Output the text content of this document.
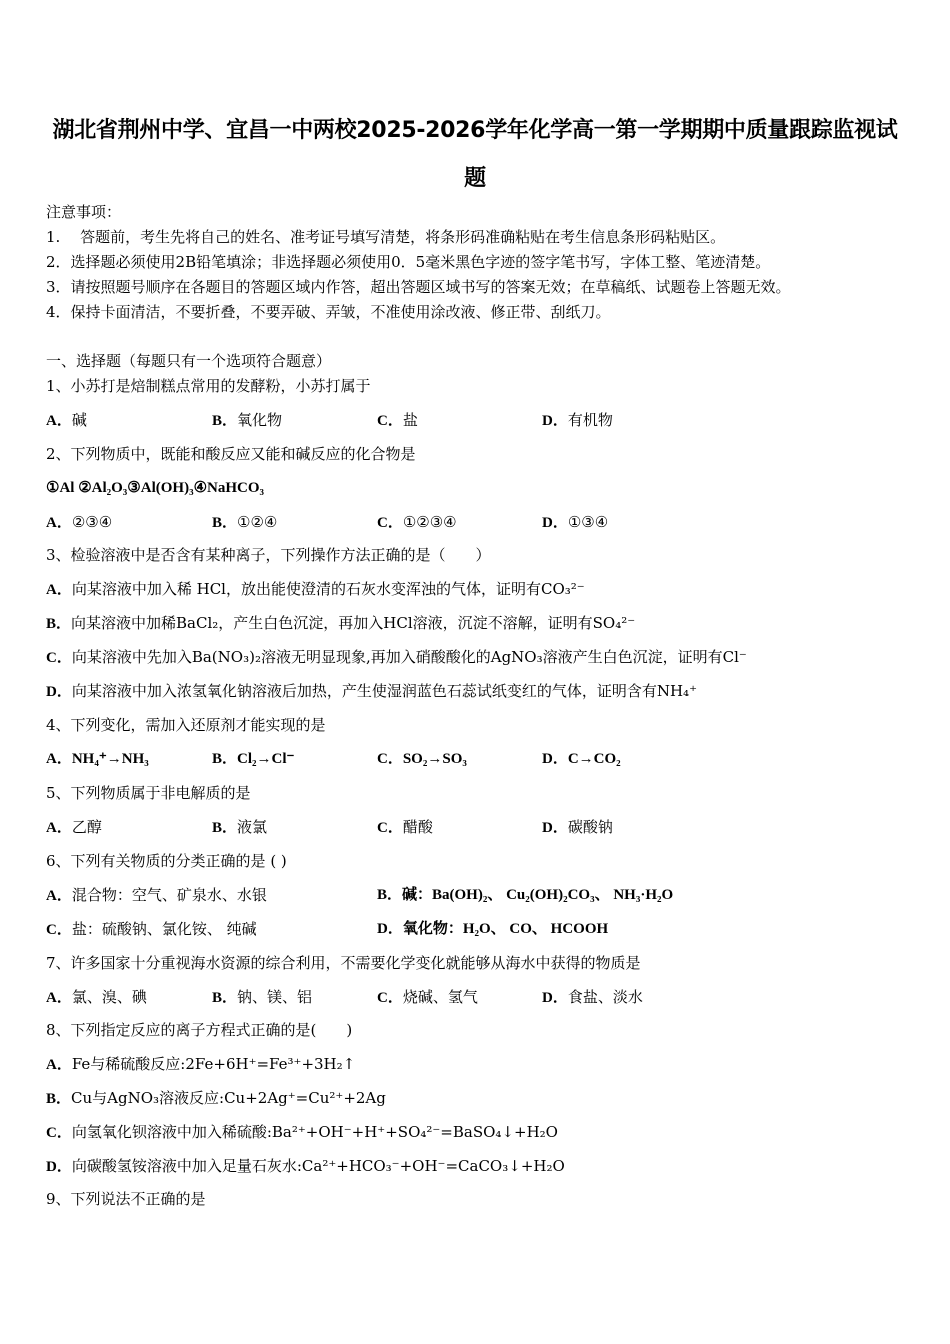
湖北省荆州中学、宜昌一中两校2025-2026学年化学高一第一学期期中质量跟踪监视试
题
注意事项：
1.　 答题前，考生先将自己的姓名、准考证号填写清楚，将条形码准确粘贴在考生信息条形码粘贴区。
2．选择题必须使用2B铅笔填涂；非选择题必须使用0．5毫米黑色字迹的签字笔书写，字体工整、笔迹清楚。
3．请按照题号顺序在各题目的答题区域内作答，超出答题区域书写的答案无效；在草稿纸、试题卷上答题无效。
4．保持卡面清洁，不要折叠，不要弄破、弄皱，不准使用涂改液、修正带、刮纸刀。
一、选择题（每题只有一个选项符合题意）
1、小苏打是焙制糕点常用的发酵粉，小苏打属于
A．碱	B．氧化物	C．盐	D．有机物
2、下列物质中，既能和酸反应又能和碱反应的化合物是
①Al ②Al₂O₃③Al(OH)₃④NaHCO₃
A．②③④	B．①②④	C．①②③④	D．①③④
3、检验溶液中是否含有某种离子，下列操作方法正确的是（　　）
A．向某溶液中加入稀 HCl，放出能使澄清的石灰水变浑浊的气体，证明有CO₃²⁻
B．向某溶液中加稀BaCl₂，产生白色沉淀，再加入HCl溶液，沉淀不溶解，证明有SO₄²⁻
C．向某溶液中先加入Ba(NO₃)₂溶液无明显现象,再加入硝酸酸化的AgNO₃溶液产生白色沉淀，证明有Cl⁻
D．向某溶液中加入浓氢氧化钠溶液后加热，产生使湿润蓝色石蕊试纸变红的气体，证明含有NH₄⁺
4、下列变化，需加入还原剂才能实现的是
A．NH₄⁺→NH₃	B．Cl₂→Cl⁻	C．SO₂→SO₃	D．C→CO₂
5、下列物质属于非电解质的是
A．乙醇	B．液氯	C．醋酸	D．碳酸钠
6、下列有关物质的分类正确的是 ( )
A．混合物：空气、矿泉水、水银	B．碱：Ba(OH)₂、 Cu₂(OH)₂CO₃、 NH₃·H₂O
C．盐：硫酸钠、氯化铵、 纯碱	D．氧化物：H₂O、 CO、 HCOOH
7、许多国家十分重视海水资源的综合利用，不需要化学变化就能够从海水中获得的物质是
A．氯、溴、碘	B．钠、镁、铝	C．烧碱、氢气	D．食盐、淡水
8、下列指定反应的离子方程式正确的是(　　)
A．Fe与稀硫酸反应:2Fe+6H⁺=Fe³⁺+3H₂↑
B．Cu与AgNO₃溶液反应:Cu+2Ag⁺=Cu²⁺+2Ag
C．向氢氧化钡溶液中加入稀硫酸:Ba²⁺+OH⁻+H⁺+SO₄²⁻=BaSO₄↓+H₂O
D．向碳酸氢铵溶液中加入足量石灰水:Ca²⁺+HCO₃⁻+OH⁻=CaCO₃↓+H₂O
9、下列说法不正确的是
